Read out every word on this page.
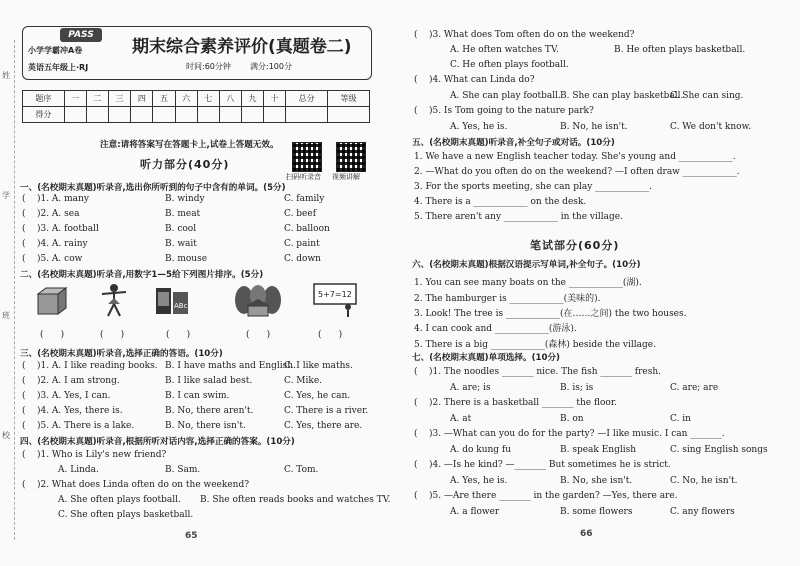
姓
学
班
校
PASS
小学学霸冲A卷
英语五年级上·RJ
期末综合素养评价(真题卷二)
时间:60分钟 满分:100分
题序	一	二	三	四	五	六	七	八	九	十	总分	等级
得分												
注意:请将答案写在答题卡上,试卷上答题无效。
听力部分(40分)
扫码听录音 视频讲解
一、(名校期末真题)听录音,选出你所听到的句子中含有的单词。(5分)
(    )1. A. many	B. windy	C. family
(    )2. A. sea	B. meat	C. beef
(    )3. A. football	B. cool	C. balloon
(    )4. A. rainy	B. wait	C. paint
(    )5. A. cow	B. mouse	C. down
二、(名校期末真题)听录音,用数字1—5给下列图片排序。(5分)
ABc
5+7=12
(      )	(      )	(      )	(      )	(      )
三、(名校期末真题)听录音,选择正确的答语。(10分)
(    )1. A. I like reading books. B. I have maths and English.
C. I like maths.
(    )2. A. I am strong.	B. I like salad best.	C. Mike.
(    )3. A. Yes, I can.	B. I can swim.	C. Yes, he can.
(    )4. A. Yes, there is.	B. No, there aren't.	C. There is a river.
(    )5. A. There is a lake.	B. No, there isn't.	C. Yes, there are.
四、(名校期末真题)听录音,根据所听对话内容,选择正确的答案。(10分)
(    )1. Who is Lily's new friend?
A. Linda.	B. Sam.	C. Tom.
(    )2. What does Linda often do on the weekend?
A. She often plays football. B. She often reads books and watches TV.
C. She often plays basketball.
65
(    )3. What does Tom often do on the weekend?
A. He often watches TV.	B. He often plays basketball.
C. He often plays football.
(    )4. What can Linda do?
A. She can play football. B. She can play basketball.
C. She can sing.
(    )5. Is Tom going to the nature park?
A. Yes, he is.	B. No, he isn't.	C. We don't know.
五、(名校期末真题)听录音,补全句子或对话。(10分)
1. We have a new English teacher today. She's young and ____________.
2. —What do you often do on the weekend? —I often draw ____________.
3. For the sports meeting, she can play ____________.
4. There is a ____________ on the desk.
5. There aren't any ____________ in the village.
笔试部分(60分)
六、(名校期末真题)根据汉语提示写单词,补全句子。(10分)
1. You can see many boats on the ____________(湖).
2. The hamburger is ____________(美味的).
3. Look! The tree is ____________(在……之间) the two houses.
4. I can cook and ____________(游泳).
5. There is a big ____________(森林) beside the village.
七、(名校期末真题)单项选择。(10分)
(    )1. The noodles _______ nice. The fish _______ fresh.
A. are; is	B. is; is	C. are; are
(    )2. There is a basketball _______ the floor.
A. at	B. on	C. in
(    )3. —What can you do for the party? —I like music. I can _______.
A. do kung fu	B. speak English	C. sing English songs
(    )4. —Is he kind? —_______ But sometimes he is strict.
A. Yes, he is.	B. No, she isn't.	C. No, he isn't.
(    )5. —Are there _______ in the garden? —Yes, there are.
A. a flower	B. some flowers	C. any flowers
66
